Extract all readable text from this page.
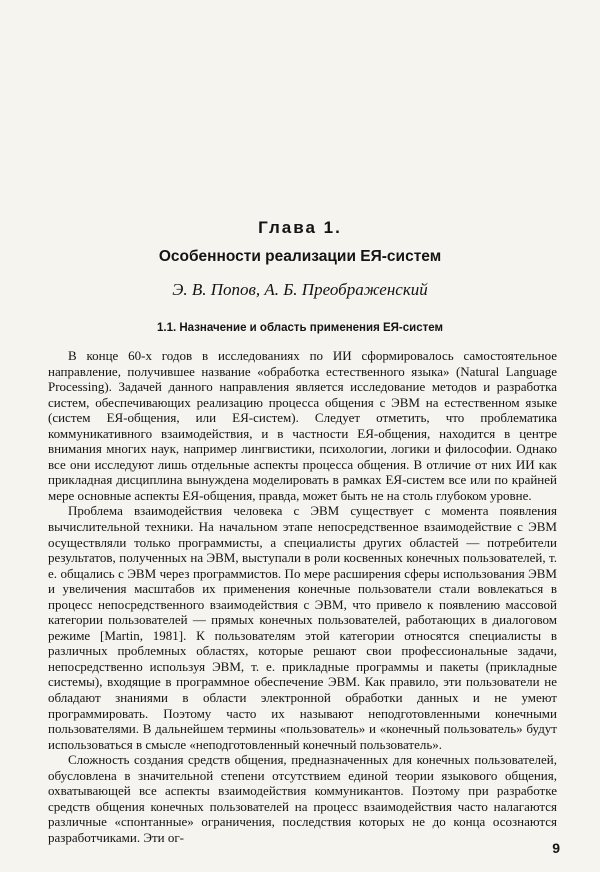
Глава 1.
Особенности реализации ЕЯ-систем
Э. В. Попов, А. Б. Преображенский
1.1. Назначение и область применения ЕЯ-систем

В конце 60-х годов в исследованиях по ИИ сформировалось самостоятельное направление, получившее название «обработка естественного языка» (Natural Language Processing). Задачей данного направления является исследование методов и разработка систем, обеспечивающих реализацию процесса общения с ЭВМ на естественном языке (систем ЕЯ-общения, или ЕЯ-систем). Следует отметить, что проблематика коммуникативного взаимодействия, и в частности ЕЯ-общения, находится в центре внимания многих наук, например лингвистики, психологии, логики и философии. Однако все они исследуют лишь отдельные аспекты процесса общения. В отличие от них ИИ как прикладная дисциплина вынуждена моделировать в рамках ЕЯ-систем все или по крайней мере основные аспекты ЕЯ-общения, правда, может быть не на столь глубоком уровне.

Проблема взаимодействия человека с ЭВМ существует с момента появления вычислительной техники. На начальном этапе непосредственное взаимодействие с ЭВМ осуществляли только программисты, а специалисты других областей — потребители результатов, полученных на ЭВМ, выступали в роли косвенных конечных пользователей, т. е. общались с ЭВМ через программистов. По мере расширения сферы использования ЭВМ и увеличения масштабов их применения конечные пользователи стали вовлекаться в процесс непосредственного взаимодействия с ЭВМ, что привело к появлению массовой категории пользователей — прямых конечных пользователей, работающих в диалоговом режиме [Martin, 1981]. К пользователям этой категории относятся специалисты в различных проблемных областях, которые решают свои профессиональные задачи, непосредственно используя ЭВМ, т. е. прикладные программы и пакеты (прикладные системы), входящие в программное обеспечение ЭВМ. Как правило, эти пользователи не обладают знаниями в области электронной обработки данных и не умеют программировать. Поэтому часто их называют неподготовленными конечными пользователями. В дальнейшем термины «пользователь» и «конечный пользователь» будут использоваться в смысле «неподготовленный конечный пользователь».

Сложность создания средств общения, предназначенных для конечных пользователей, обусловлена в значительной степени отсутствием единой теории языкового общения, охватывающей все аспекты взаимодействия коммуникантов. Поэтому при разработке средств общения конечных пользователей на процесс взаимодействия часто налагаются различные «спонтанные» ограничения, последствия которых не до конца осознаются разработчиками. Эти ог-

9
